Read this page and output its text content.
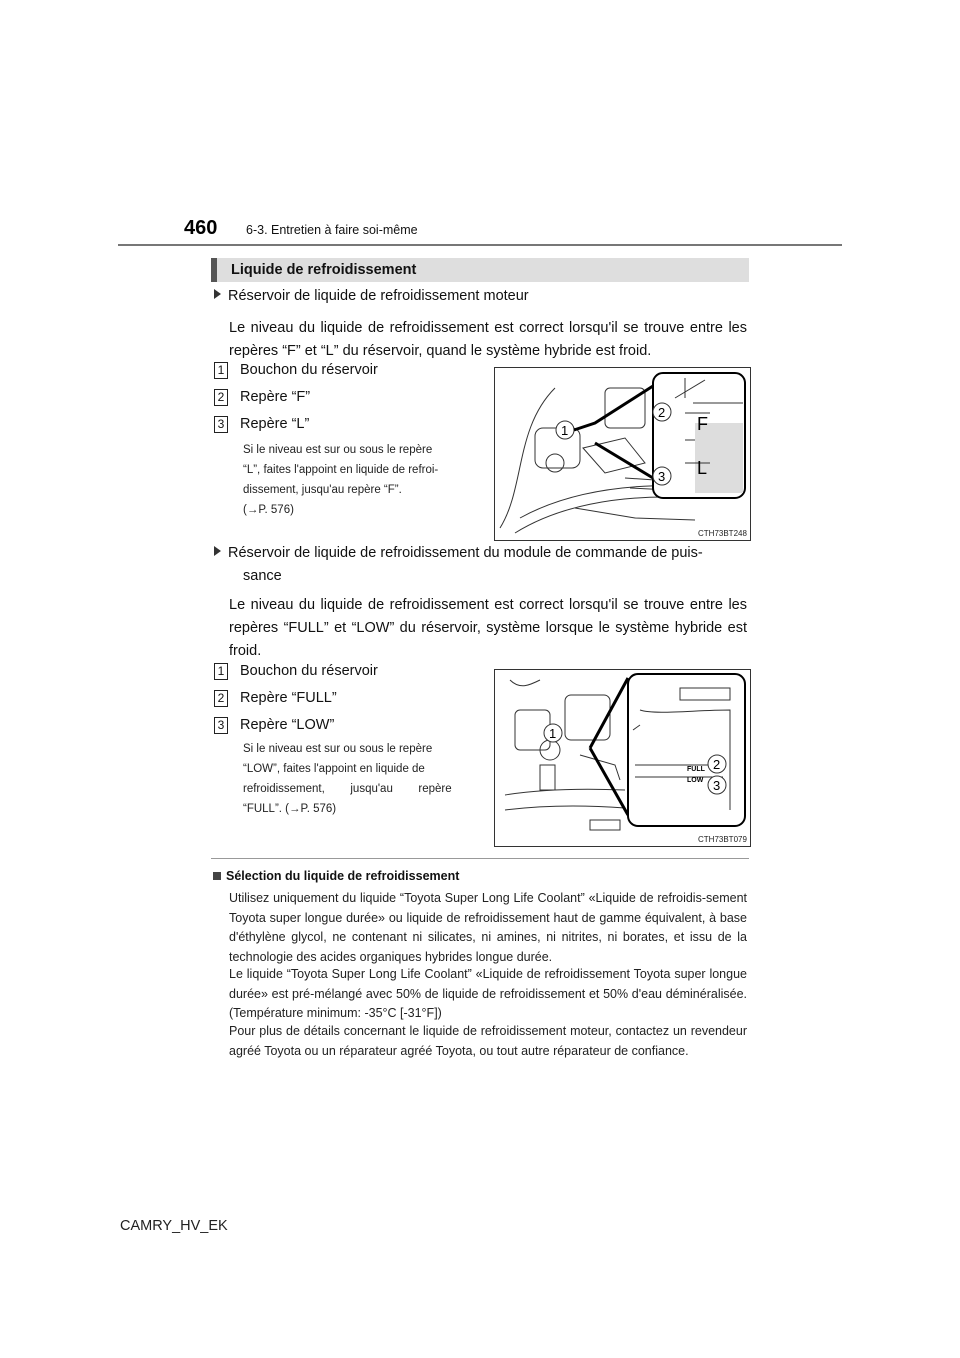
460 6-3. Entretien à faire soi-même
Liquide de refroidissement
Réservoir de liquide de refroidissement moteur
Le niveau du liquide de refroidissement est correct lorsqu'il se trouve entre les repères “F” et “L” du réservoir, quand le système hybride est froid.
1 Bouchon du réservoir
2 Repère “F”
3 Repère “L”
Si le niveau est sur ou sous le repère
“L”, faites l'appoint en liquide de refroi-
dissement, jusqu'au repère “F”.
(→P. 576)
1
2
3
F
L
CTH73BT248
Réservoir de liquide de refroidissement du module de commande de puis-
sance
Le niveau du liquide de refroidissement est correct lorsqu'il se trouve entre les repères “FULL” et “LOW” du réservoir, système lorsque le système hybride est froid.
1 Bouchon du réservoir
2 Repère “FULL”
3 Repère “LOW”
Si le niveau est sur ou sous le repère
“LOW”, faites l'appoint en liquide de
refroidissement,        jusqu'au        repère
“FULL”. (→P. 576)
1
FULL
LOW
2
3
CTH73BT079
Sélection du liquide de refroidissement
Utilisez uniquement du liquide “Toyota Super Long Life Coolant” «Liquide de refroidis-sement Toyota super longue durée» ou liquide de refroidissement haut de gamme équivalent, à base d'éthylène glycol, ne contenant ni silicates, ni amines, ni nitrites, ni borates, et issu de la technologie des acides organiques hybrides longue durée.
Le liquide “Toyota Super Long Life Coolant” «Liquide de refroidissement Toyota super longue durée» est pré-mélangé avec 50% de liquide de refroidissement et 50% d'eau déminéralisée. (Température minimum: -35°C [-31°F])
Pour plus de détails concernant le liquide de refroidissement moteur, contactez un revendeur agréé Toyota ou un réparateur agréé Toyota, ou tout autre réparateur de confiance.
CAMRY_HV_EK
